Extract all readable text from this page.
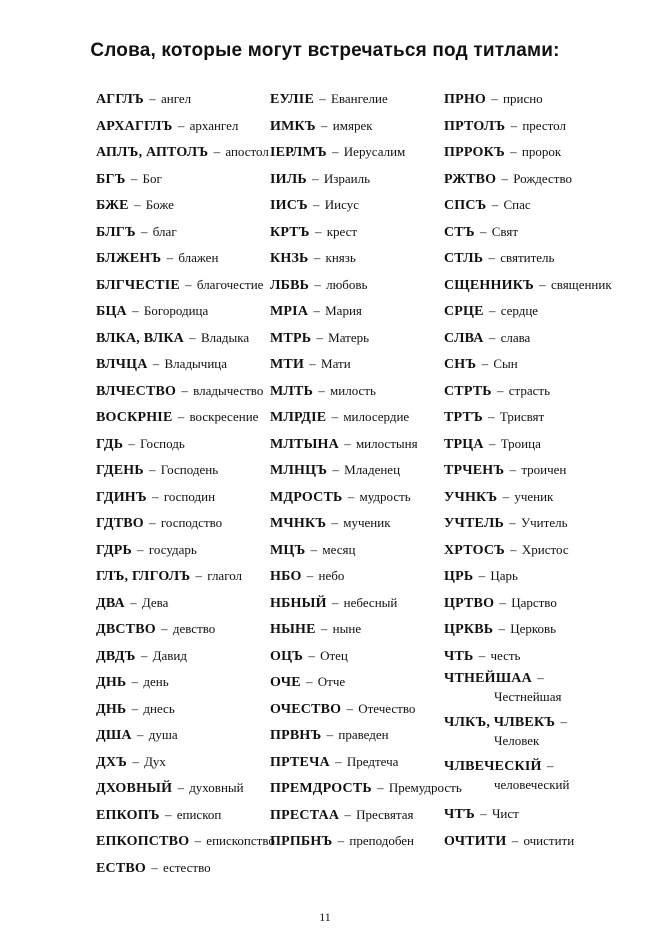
Слова, которые могут встречаться под титлами:
АГГЛЪ – ангел
АРХАГГЛЪ – архангел
АПЛЪ, АПТОЛЪ – апостол
БГЪ – Бог
БЖЕ – Боже
БЛГЪ – благ
БЛЖЕНЪ – блажен
БЛГЧЕСТІЕ – благочестие
БЦА – Богородица
ВЛКА, ВЛКА – Владыка
ВЛЧЦА – Владычица
ВЛЧЕСТВО – владычество
ВОСКРНІЕ – воскресение
ГДЬ – Господь
ГДЕНЬ – Господень
ГДИНЪ – господин
ГДТВО – господство
ГДРЬ – государь
ГЛЪ, ГЛГОЛЪ – глагол
ДВА – Дева
ДВСТВО – девство
ДВДЪ – Давид
ДНЬ – день
ДНЬ – днесь
ДША – душа
ДХЪ – Дух
ДХОВНЫЙ – духовный
ЕПКОПЪ – епископ
ЕПКОПСТВО – епископство
ЕСТВО – естество
ЕУЛІЕ – Евангелие
ИМКЪ – имярек
ІЕРЛМЪ – Иерусалим
ІИЛЬ – Израиль
ІИСЪ – Иисус
КРТЪ – крест
КНЗЬ – князь
ЛБВЬ – любовь
МРІА – Мария
МТРЬ – Матерь
МТИ – Мати
МЛТЬ – милость
МЛРДІЕ – милосердие
МЛТЫНА – милостыня
МЛНЦЪ – Младенец
МДРОСТЬ – мудрость
МЧНКЪ – мученик
МЦЪ – месяц
НБО – небо
НБНЫЙ – небесный
НЫНЕ – ныне
ОЦЪ – Отец
ОЧЕ – Отче
ОЧЕСТВО – Отечество
ПРВНЪ – праведен
ПРТЕЧА – Предтеча
ПРЕМДРОСТЬ – Премудрость
ПРЕСТАА – Пресвятая
ПРПБНЪ – преподобен
ПРНО – присно
ПРТОЛЪ – престол
ПРРОКЪ – пророк
РЖТВО – Рождество
СПСЪ – Спас
СТЪ – Свят
СТЛЬ – святитель
СЩЕННИКЪ – священник
СРЦЕ – сердце
СЛВА – слава
СНЪ – Сын
СТРТЬ – страсть
ТРТЪ – Трисвят
ТРЦА – Троица
ТРЧЕНЪ – троичен
УЧНКЪ – ученик
УЧТЕЛЬ – Учитель
ХРТОСЪ – Христос
ЦРЬ – Царь
ЦРТВО – Царство
ЦРКВЬ – Церковь
ЧТЬ – честь
ЧТНЕЙШАА –
Честнейшая
ЧЛКЪ, ЧЛВЕКЪ –
Человек
ЧЛВЕЧЕСКІЙ –
человеческий
ЧТЪ – Чист
ОЧТИТИ – очистити
11
